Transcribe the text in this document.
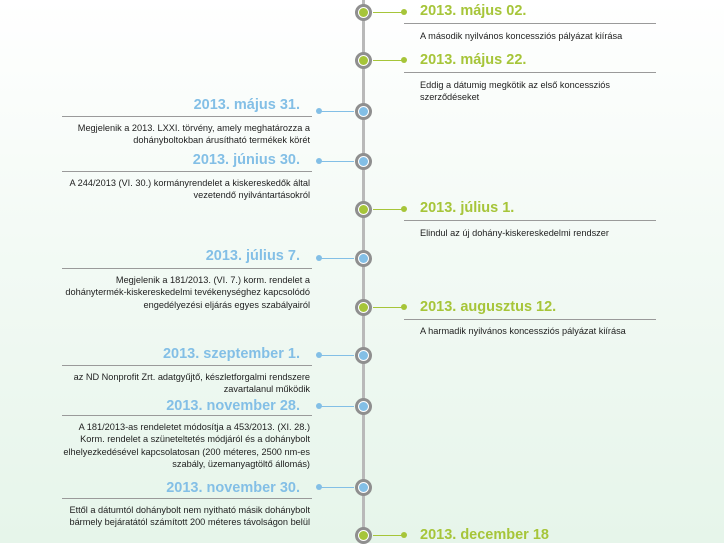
2013. május 02.
A második nyilvános koncessziós pályázat kiírása
2013. május 22.
Eddig a dátumig megkötik az első koncessziós szerződéseket
2013. május 31.
Megjelenik a 2013. LXXI. törvény, amely meghatározza a dohányboltokban árusítható termékek körét
2013. június 30.
A 244/2013 (VI. 30.) kormányrendelet a kiskereskedők által vezetendő nyilvántartásokról
2013. július 1.
Elindul az új dohány-kiskereskedelmi rendszer
2013. július 7.
Megjelenik a 181/2013. (VI. 7.) korm. rendelet a dohánytermék-kiskereskedelmi tevékenységhez kapcsolódó engedélyezési eljárás egyes szabályairól	2013. augusztus 12.
A harmadik nyilvános koncessziós pályázat kiírása
2013. szeptember 1.
az ND Nonprofit Zrt. adatgyűjtő, készletforgalmi rendszere zavartalanul működik
2013. november 28.
A 181/2013-as rendeletet módosítja a 453/2013. (XI. 28.) Korm. rendelet a szüneteltetés módjáról és a dohánybolt elhelyezkedésével kapcsolatosan (200 méteres, 2500 nm-es szabály, üzemanyagtöltő állomás)
2013. november 30.
Ettől a dátumtól dohánybolt nem nyitható másik dohánybolt bármely bejáratától számított 200 méteres távolságon belül
2013. december 18
